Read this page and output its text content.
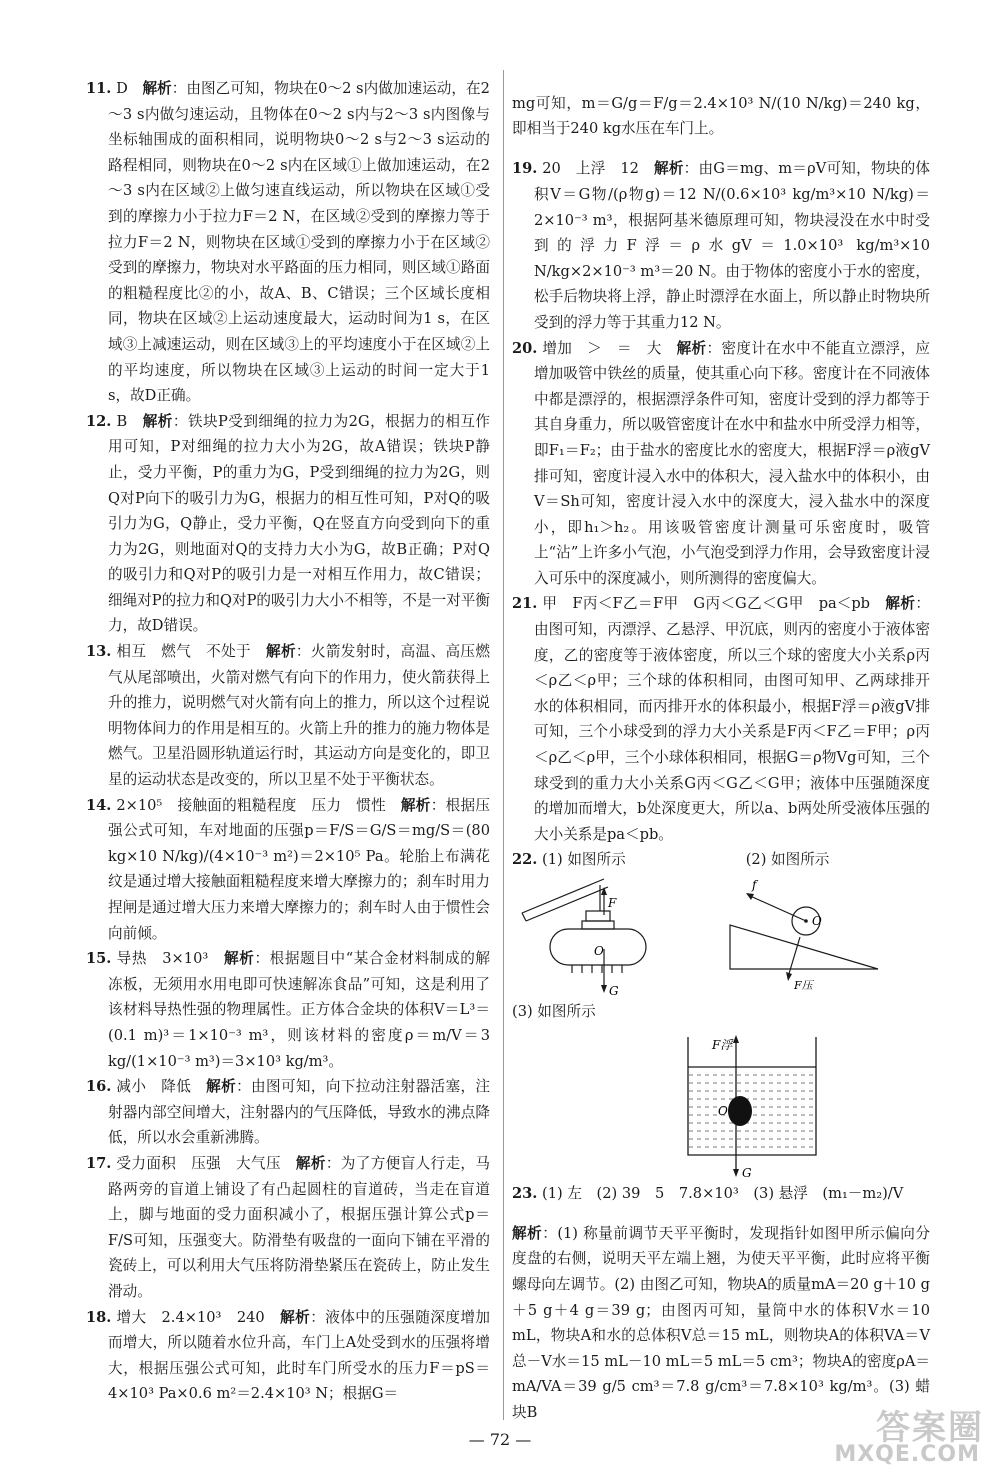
11. D　 解析：由图乙可知，物块在0～2 s内做加速运动，在2～3 s内做匀速运动，且物体在0～2 s内与2～3 s内图像与坐标轴围成的面积相同，说明物块0～2 s与2～3 s运动的路程相同，则物块在0～2 s内在区域①上做加速运动，在2～3 s内在区域②上做匀速直线运动，所以物块在区域①受到的摩擦力小于拉力F＝2 N，在区域②受到的摩擦力等于拉力F＝2 N，则物块在区域①受到的摩擦力小于在区域②受到的摩擦力，物块对水平路面的压力相同，则区域①路面的粗糙程度比②的小，故A、B、C错误；三个区域长度相同，物块在区域②上运动速度最大，运动时间为1 s，在区域③上减速运动，则在区域③上的平均速度小于在区域②上的平均速度，所以物块在区域③上运动的时间一定大于1 s，故D正确。

12. B　 解析：铁块P受到细绳的拉力为2G，根据力的相互作用可知，P对细绳的拉力大小为2G，故A错误；铁块P静止，受力平衡，P的重力为G，P受到细绳的拉力为2G，则Q对P向下的吸引力为G，根据力的相互性可知，P对Q的吸引力为G，Q静止，受力平衡，Q在竖直方向受到向下的重力为2G，则地面对Q的支持力大小为G，故B正确；P对Q的吸引力和Q对P的吸引力是一对相互作用力，故C错误；细绳对P的拉力和Q对P的吸引力大小不相等，不是一对平衡力，故D错误。

13. 相互　燃气　不处于　 解析：火箭发射时，高温、高压燃气从尾部喷出，火箭对燃气有向下的作用力，使火箭获得上升的推力，说明燃气对火箭有向上的推力，所以这个过程说明物体间力的作用是相互的。火箭上升的推力的施力物体是燃气。卫星沿圆形轨道运行时，其运动方向是变化的，即卫星的运动状态是改变的，所以卫星不处于平衡状态。

14. 2×10⁵　接触面的粗糙程度　压力　惯性　 解析：根据压强公式可知，车对地面的压强p＝F/S＝G/S＝mg/S＝(80 kg×10 N/kg)/(4×10⁻³ m²)＝2×10⁵ Pa。轮胎上布满花纹是通过增大接触面粗糙程度来增大摩擦力的；刹车时用力捏闸是通过增大压力来增大摩擦力的；刹车时人由于惯性会向前倾。

15. 导热　3×10³　 解析：根据题目中“某合金材料制成的解冻板，无须用水用电即可快速解冻食品”可知，这是利用了该材料导热性强的物理属性。正方体合金块的体积V＝L³＝(0.1 m)³＝1×10⁻³ m³，则该材料的密度ρ＝m/V＝3 kg/(1×10⁻³ m³)＝3×10³ kg/m³。

16. 减小　降低　 解析：由图可知，向下拉动注射器活塞，注射器内部空间增大，注射器内的气压降低，导致水的沸点降低，所以水会重新沸腾。

17. 受力面积　压强　大气压　 解析：为了方便盲人行走，马路两旁的盲道上铺设了有凸起圆柱的盲道砖，当走在盲道上，脚与地面的受力面积减小了，根据压强计算公式p＝F/S可知，压强变大。防滑垫有吸盘的一面向下铺在平滑的瓷砖上，可以利用大气压将防滑垫紧压在瓷砖上，防止发生滑动。

18. 增大　2.4×10³　240　 解析：液体中的压强随深度增加而增大，所以随着水位升高，车门上A处受到水的压强将增大，根据压强公式可知，此时车门所受水的压力F＝pS＝4×10³ Pa×0.6 m²＝2.4×10³ N；根据G＝

mg可知，m＝G/g＝F/g＝2.4×10³ N/(10 N/kg)＝240 kg，即相当于240 kg水压在车门上。

19. 20　上浮　12　 解析：由G＝mg、m＝ρV可知，物块的体积V＝G物/(ρ物g)＝12 N/(0.6×10³ kg/m³×10 N/kg)＝2×10⁻³ m³，根据阿基米德原理可知，物块浸没在水中时受到的浮力F浮＝ρ水gV＝1.0×10³ kg/m³×10 N/kg×2×10⁻³ m³＝20 N。由于物体的密度小于水的密度，松手后物块将上浮，静止时漂浮在水面上，所以静止时物块所受到的浮力等于其重力12 N。

20. 增加　＞　＝　大　 解析：密度计在水中不能直立漂浮，应增加吸管中铁丝的质量，使其重心向下移。密度计在不同液体中都是漂浮的，根据漂浮条件可知，密度计受到的浮力都等于其自身重力，所以吸管密度计在水中和盐水中所受浮力相等，即F₁＝F₂；由于盐水的密度比水的密度大，根据F浮＝ρ液gV排可知，密度计浸入水中的体积大，浸入盐水中的体积小，由V＝Sh可知，密度计浸入水中的深度大，浸入盐水中的深度小，即h₁＞h₂。用该吸管密度计测量可乐密度时，吸管上“沾”上许多小气泡，小气泡受到浮力作用，会导致密度计浸入可乐中的深度减小，则所测得的密度偏大。

21. 甲　F丙＜F乙＝F甲　G丙＜G乙＜G甲　pa＜pb　 解析：由图可知，丙漂浮、乙悬浮、甲沉底，则丙的密度小于液体密度，乙的密度等于液体密度，所以三个球的密度大小关系ρ丙＜ρ乙＜ρ甲；三个球的体积相同，由图可知甲、乙两球排开水的体积相同，而丙排开水的体积最小，根据F浮＝ρ液gV排可知，三个小球受到的浮力大小关系是F丙＜F乙＝F甲；ρ丙＜ρ乙＜ρ甲，三个小球体积相同，根据G＝ρ物Vg可知，三个球受到的重力大小关系G丙＜G乙＜G甲；液体中压强随深度的增加而增大，b处深度更大，所以a、b两处所受液体压强的大小关系是pa＜pb。

22. (1) 如图所示	(2) 如图所示
F
O
G
f
O
F压
(3) 如图所示
F浮
O
G

23. (1) 左　(2) 39　5　7.8×10³　(3) 悬浮　(m₁－m₂)/V

解析：(1) 称量前调节天平平衡时，发现指针如图甲所示偏向分度盘的右侧，说明天平左端上翘，为使天平平衡，此时应将平衡螺母向左调节。(2) 由图乙可知，物块A的质量mA＝20 g＋10 g＋5 g＋4 g＝39 g；由图丙可知，量筒中水的体积V水＝10 mL，物块A和水的总体积V总＝15 mL，则物块A的体积VA＝V总－V水＝15 mL－10 mL＝5 mL＝5 cm³；物块A的密度ρA＝mA/VA＝39 g/5 cm³＝7.8 g/cm³＝7.8×10³ kg/m³。(3) 蜡块B

— 72 —	答案圈
MXQE.COM
